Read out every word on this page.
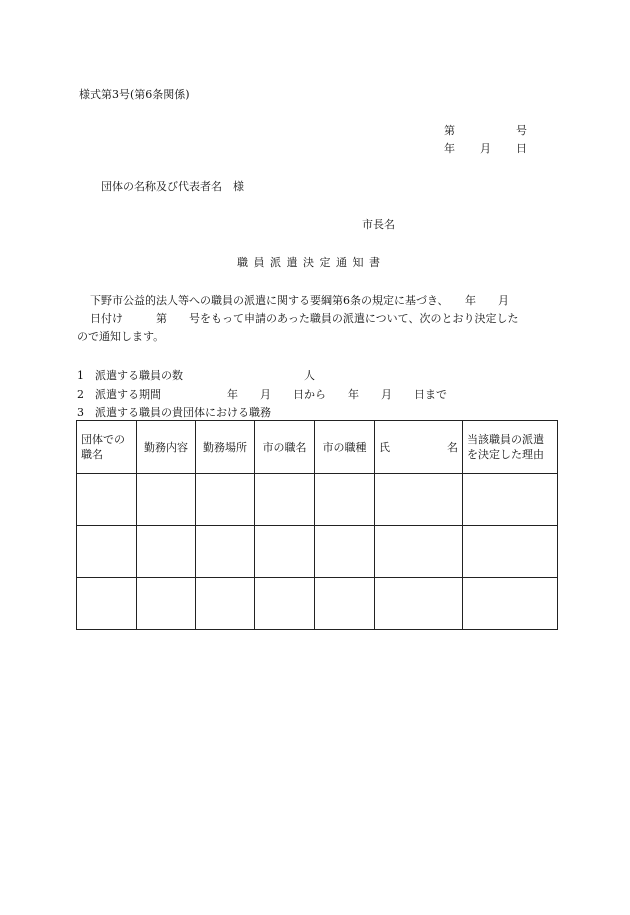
様式第3号(第6条関係)
第	号
年 月 日
団体の名称及び代表者名　様
市長名
職 員 派 遣 決 定 通 知 書
下野市公益的法人等への職員の派遣に関する要綱第6条の規定に基づき、　　年　　月
日付け　　　第　　号をもって申請のあった職員の派遣について、次のとおり決定した
ので通知します。
1　派遣する職員の数　　　　　　　　　　　人
2　派遣する期間　　　　　　年　　月　　日から　　年　　月　　日まで
3　派遣する職員の貴団体における職務
団体での職名	勤務内容	勤務場所	市の職名	市の職種	氏 名	当該職員の派遣を決定した理由
